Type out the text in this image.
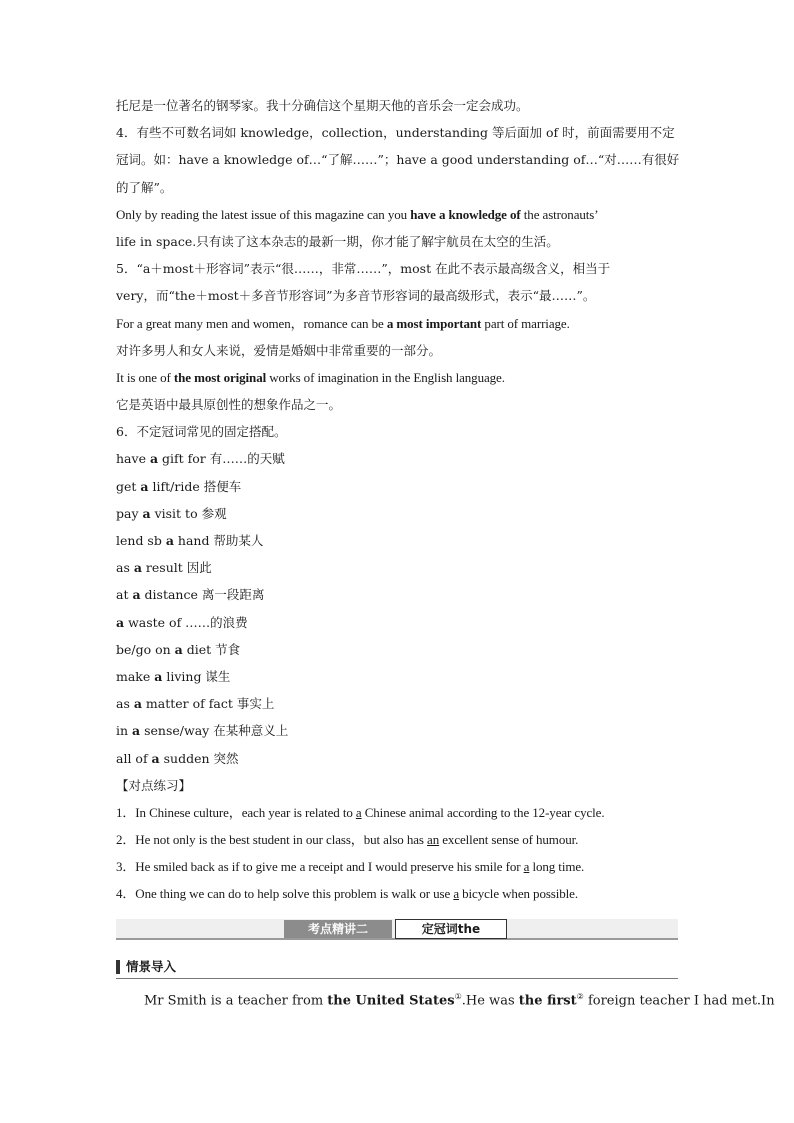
托尼是一位著名的钢琴家。我十分确信这个星期天他的音乐会一定会成功。
4．有些不可数名词如 knowledge，collection，understanding 等后面加 of 时，前面需要用不定
冠词。如：have a knowledge of…“了解……”；have a good understanding of…“对……有很好
的了解”。
Only by reading the latest issue of this magazine can you have a knowledge of the astronauts’
life in space.只有读了这本杂志的最新一期，你才能了解宇航员在太空的生活。
5．“a＋most＋形容词”表示“很……，非常……”，most 在此不表示最高级含义，相当于
very，而“the＋most＋多音节形容词”为多音节形容词的最高级形式，表示“最……”。
For a great many men and women，romance can be a most important part of marriage.
对许多男人和女人来说，爱情是婚姻中非常重要的一部分。
It is one of the most original works of imagination in the English language.
它是英语中最具原创性的想象作品之一。
6．不定冠词常见的固定搭配。
have a gift for 有……的天赋
get a lift/ride 搭便车
pay a visit to 参观
lend sb a hand 帮助某人
as a result 因此
at a distance 离一段距离
a waste of ……的浪费
be/go on a diet 节食
make a living 谋生
as a matter of fact 事实上
in a sense/way 在某种意义上
all of a sudden 突然
【对点练习】
1．In Chinese culture，each year is related to a Chinese animal according to the 12-year cycle.
2．He not only is the best student in our class，but also has an excellent sense of humour.
3．He smiled back as if to give me a receipt and I would preserve his smile for a long time.
4．One thing we can do to help solve this problem is walk or use a bicycle when possible.
考点精讲二	定冠词the
情景导入
Mr Smith is a teacher from the United States①.He was the first② foreign teacher I had met.In
